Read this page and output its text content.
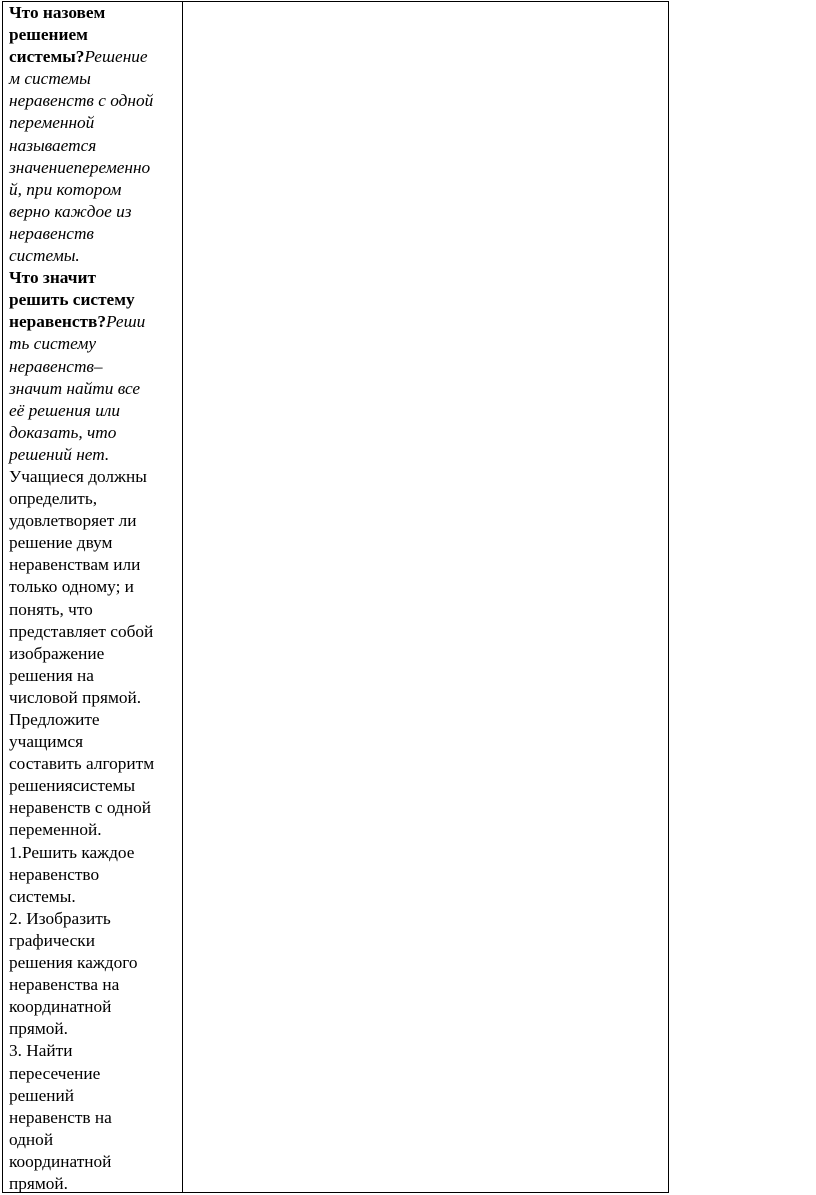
Что назовем
решением
системы?Решение
м системы
неравенств с одной
переменной
называется
значениепеременно
й, при котором
верно каждое из
неравенств
системы.
Что значит
решить систему
неравенств?Реши
ть систему
неравенств–
значит найти все
её решения или
доказать, что
решений нет.
Учащиеся должны
определить,
удовлетворяет ли
решение двум
неравенствам или
только одному; и
понять, что
представляет собой
изображение
решения на
числовой прямой.
Предложите
учащимся
составить алгоритм
решениясистемы
неравенств с одной
переменной.
1.Решить каждое
неравенство
системы.
2. Изобразить
графически
решения каждого
неравенства на
координатной
прямой.
3. Найти
пересечение
решений
неравенств на
одной
координатной
прямой.
